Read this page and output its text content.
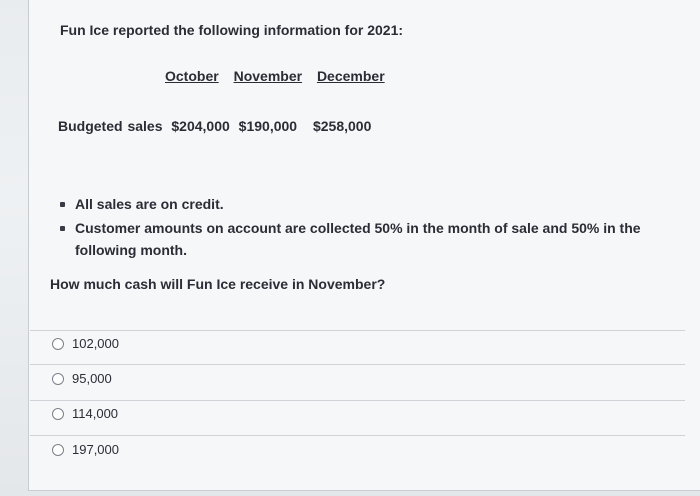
Fun Ice reported the following information for 2021:
October November December
Budgeted sales $204,000 $190,000 $258,000
All sales are on credit.
Customer amounts on account are collected 50% in the month of sale and 50% in the following month.
How much cash will Fun Ice receive in November?
102,000
95,000
114,000
197,000
